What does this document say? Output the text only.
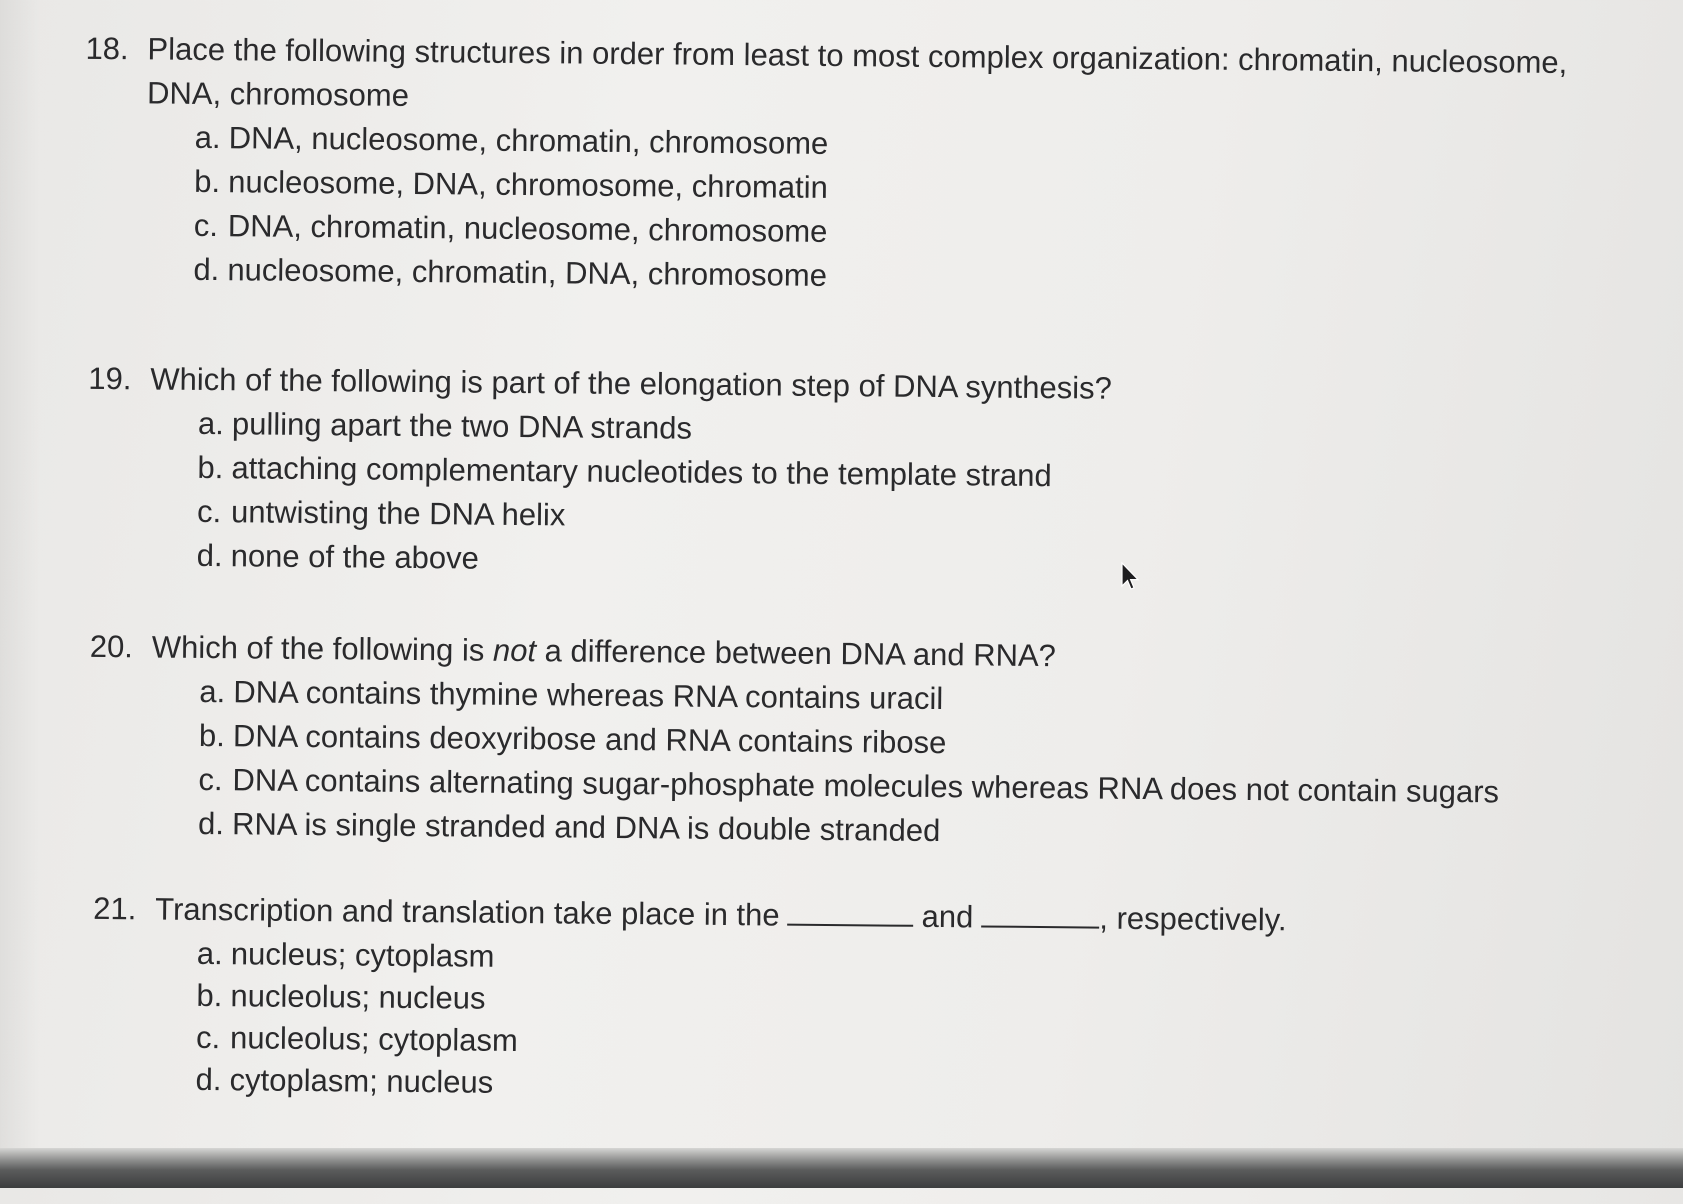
18. Place the following structures in order from least to most complex organization: chromatin, nucleosome,
DNA, chromosome
a. DNA, nucleosome, chromatin, chromosome
b. nucleosome, DNA, chromosome, chromatin
c. DNA, chromatin, nucleosome, chromosome
d. nucleosome, chromatin, DNA, chromosome
19. Which of the following is part of the elongation step of DNA synthesis?
a. pulling apart the two DNA strands
b. attaching complementary nucleotides to the template strand
c. untwisting the DNA helix
d. none of the above
20. Which of the following is not a difference between DNA and RNA?
a. DNA contains thymine whereas RNA contains uracil
b. DNA contains deoxyribose and RNA contains ribose
c. DNA contains alternating sugar-phosphate molecules whereas RNA does not contain sugars
d. RNA is single stranded and DNA is double stranded
21. Transcription and translation take place in the	and	, respectively.
a. nucleus; cytoplasm
b. nucleolus; nucleus
c. nucleolus; cytoplasm
d. cytoplasm; nucleus
